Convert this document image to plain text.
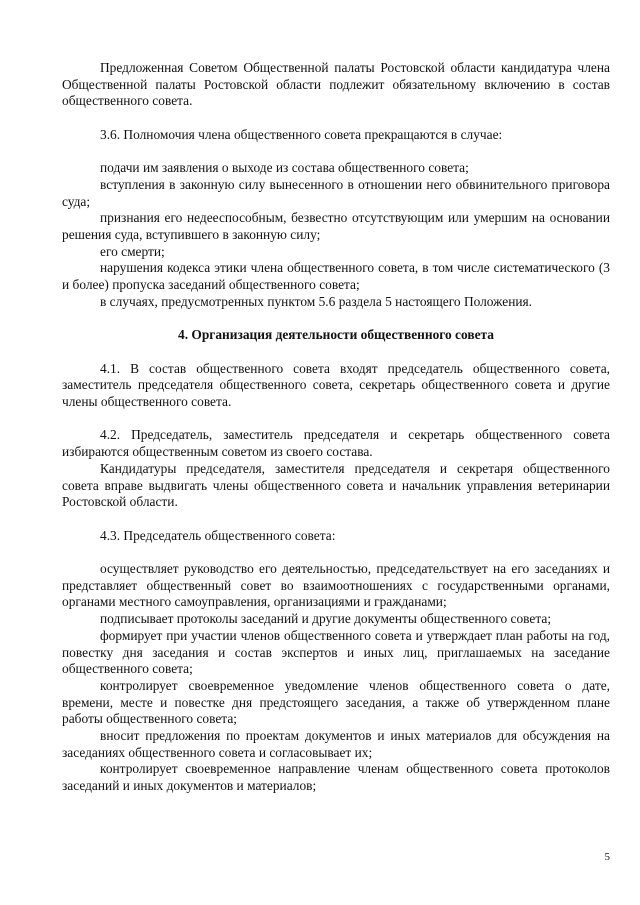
Предложенная Советом Общественной палаты Ростовской области кандидатура члена Общественной палаты Ростовской области подлежит обязательному включению в состав общественного совета.

3.6. Полномочия члена общественного совета прекращаются в случае:

подачи им заявления о выходе из состава общественного совета;

вступления в законную силу вынесенного в отношении него обвинительного приговора суда;

признания его недееспособным, безвестно отсутствующим или умершим на основании решения суда, вступившего в законную силу;

его смерти;

нарушения кодекса этики члена общественного совета, в том числе систематического (3 и более) пропуска заседаний общественного совета;

в случаях, предусмотренных пунктом 5.6 раздела 5 настоящего Положения.

4. Организация деятельности общественного совета

4.1. В состав общественного совета входят председатель общественного совета, заместитель председателя общественного совета, секретарь общественного совета и другие члены общественного совета.

4.2. Председатель, заместитель председателя и секретарь общественного совета избираются общественным советом из своего состава.

Кандидатуры председателя, заместителя председателя и секретаря общественного совета вправе выдвигать члены общественного совета и начальник управления ветеринарии Ростовской области.

4.3. Председатель общественного совета:

осуществляет руководство его деятельностью, председательствует на его заседаниях и представляет общественный совет во взаимоотношениях с государственными органами, органами местного самоуправления, организациями и гражданами;

подписывает протоколы заседаний и другие документы общественного совета;

формирует при участии членов общественного совета и утверждает план работы на год, повестку дня заседания и состав экспертов и иных лиц, приглашаемых на заседание общественного совета;

контролирует своевременное уведомление членов общественного совета о дате, времени, месте и повестке дня предстоящего заседания, а также об утвержденном плане работы общественного совета;

вносит предложения по проектам документов и иных материалов для обсуждения на заседаниях общественного совета и согласовывает их;

контролирует своевременное направление членам общественного совета протоколов заседаний и иных документов и материалов;

5
